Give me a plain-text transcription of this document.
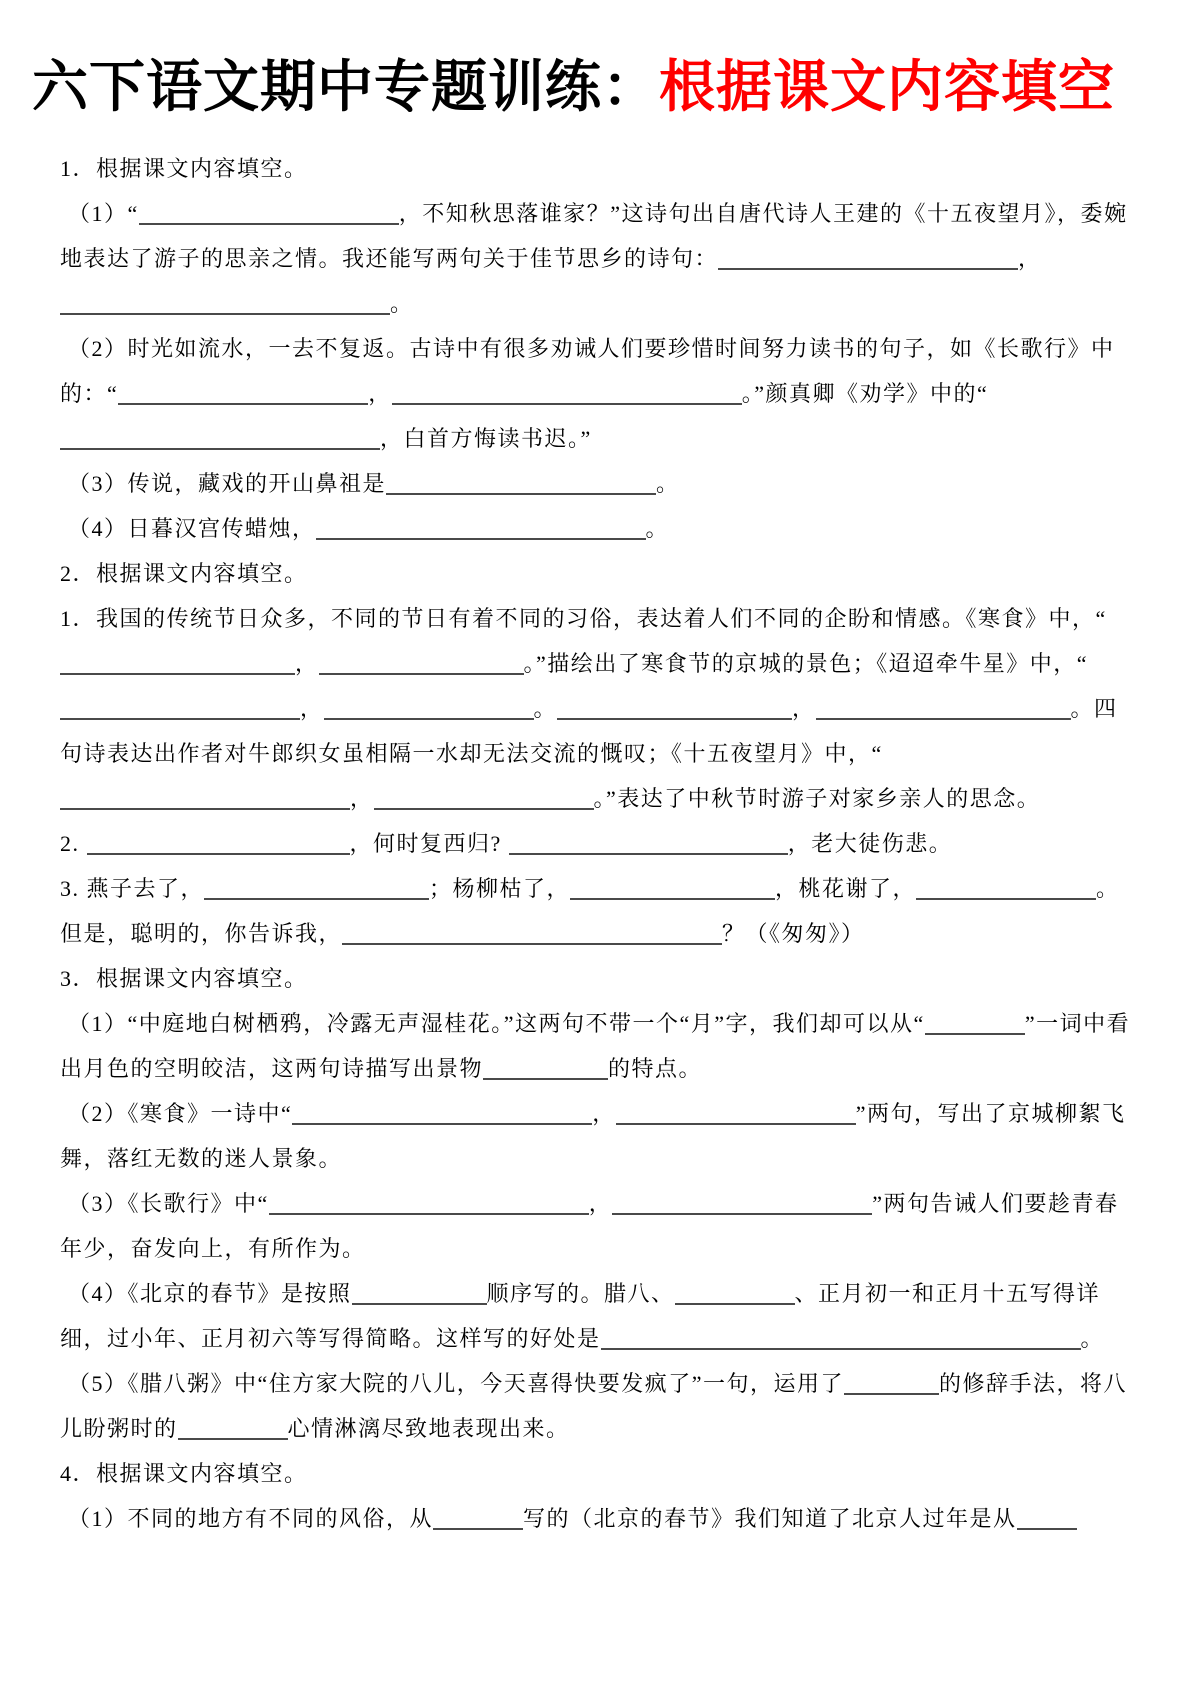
六下语文期中专题训练：根据课文内容填空

1．根据课文内容填空。

（1）“	，不知秋思落谁家？”这诗句出自唐代诗人王建的《十五夜望月》，委婉地表达了游子的思亲之情。我还能写两句关于佳节思乡的诗句：	，。

（2）时光如流水，一去不复返。古诗中有很多劝诫人们要珍惜时间努力读书的句子，如《长歌行》中的：“	，	。”颜真卿《劝学》中的“，白首方悔读书迟。”

（3）传说，藏戏的开山鼻祖是	。

（4）日暮汉宫传蜡烛，	。

2．根据课文内容填空。

1．我国的传统节日众多，不同的节日有着不同的习俗，表达着人们不同的企盼和情感。《寒食》中，“，	。”描绘出了寒食节的京城的景色；《迢迢牵牛星》中，“，	。	，	。四句诗表达出作者对牛郎织女虽相隔一水却无法交流的慨叹；《十五夜望月》中，“，	。”表达了中秋节时游子对家乡亲人的思念。

2.	，何时复西归?	，老大徒伤悲。

3. 燕子去了，	；杨柳枯了，	，桃花谢了，	。但是，聪明的，你告诉我，	？（《匆匆》）

3．根据课文内容填空。

（1）“中庭地白树栖鸦，冷露无声湿桂花。”这两句不带一个“月”字，我们却可以从“	”一词中看出月色的空明皎洁，这两句诗描写出景物	的特点。

（2）《寒食》一诗中“	，	”两句，写出了京城柳絮飞舞，落红无数的迷人景象。

（3）《长歌行》中“	，	”两句告诫人们要趁青春年少，奋发向上，有所作为。

（4）《北京的春节》是按照	顺序写的。腊八、	、正月初一和正月十五写得详细，过小年、正月初六等写得简略。这样写的好处是	。

（5）《腊八粥》中“住方家大院的八儿，今天喜得快要发疯了”一句，运用了	的修辞手法，将八儿盼粥时的	心情淋漓尽致地表现出来。

4．根据课文内容填空。

（1）不同的地方有不同的风俗，从	写的（北京的春节》我们知道了北京人过年是从
